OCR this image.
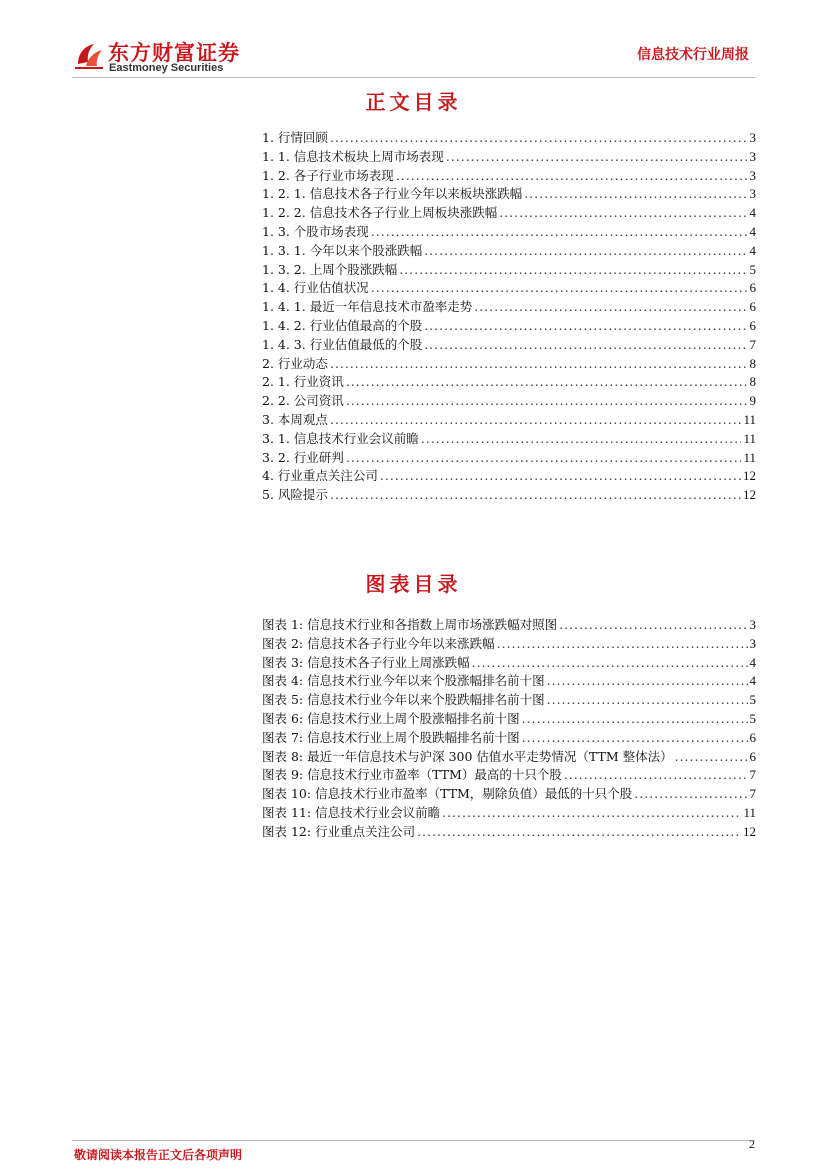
东方财富证券
Eastmoney Securities
信息技术行业周报
正文目录
1. 行情回顾 .....	3
1. 1. 信息技术板块上周市场表现 .....	3
1. 2. 各子行业市场表现 .....	3
1. 2. 1. 信息技术各子行业今年以来板块涨跌幅 .....	3
1. 2. 2. 信息技术各子行业上周板块涨跌幅 .....	4
1. 3. 个股市场表现 .....	4
1. 3. 1. 今年以来个股涨跌幅 .....	4
1. 3. 2. 上周个股涨跌幅 .....	5
1. 4. 行业估值状况 .....	6
1. 4. 1. 最近一年信息技术市盈率走势 .....	6
1. 4. 2. 行业估值最高的个股 .....	6
1. 4. 3. 行业估值最低的个股 .....	7
2. 行业动态 .....	8
2. 1. 行业资讯 .....	8
2. 2. 公司资讯 .....	9
3. 本周观点 .....	11
3. 1. 信息技术行业会议前瞻 .....	11
3. 2. 行业研判 .....	11
4. 行业重点关注公司 .....	12
5. 风险提示 .....	12
图表目录
图表 1: 信息技术行业和各指数上周市场涨跌幅对照图 .....	3
图表 2: 信息技术各子行业今年以来涨跌幅 .....	3
图表 3: 信息技术各子行业上周涨跌幅 .....	4
图表 4: 信息技术行业今年以来个股涨幅排名前十图 .....	4
图表 5: 信息技术行业今年以来个股跌幅排名前十图 .....	5
图表 6: 信息技术行业上周个股涨幅排名前十图 .....	5
图表 7: 信息技术行业上周个股跌幅排名前十图 .....	6
图表 8: 最近一年信息技术与沪深 300 估值水平走势情况（TTM 整体法） .....	6
图表 9: 信息技术行业市盈率（TTM）最高的十只个股 .....	7
图表 10: 信息技术行业市盈率（TTM，剔除负值）最低的十只个股 .....	7
图表 11: 信息技术行业会议前瞻 .....	11
图表 12: 行业重点关注公司 .....	12
敬请阅读本报告正文后各项声明
2
